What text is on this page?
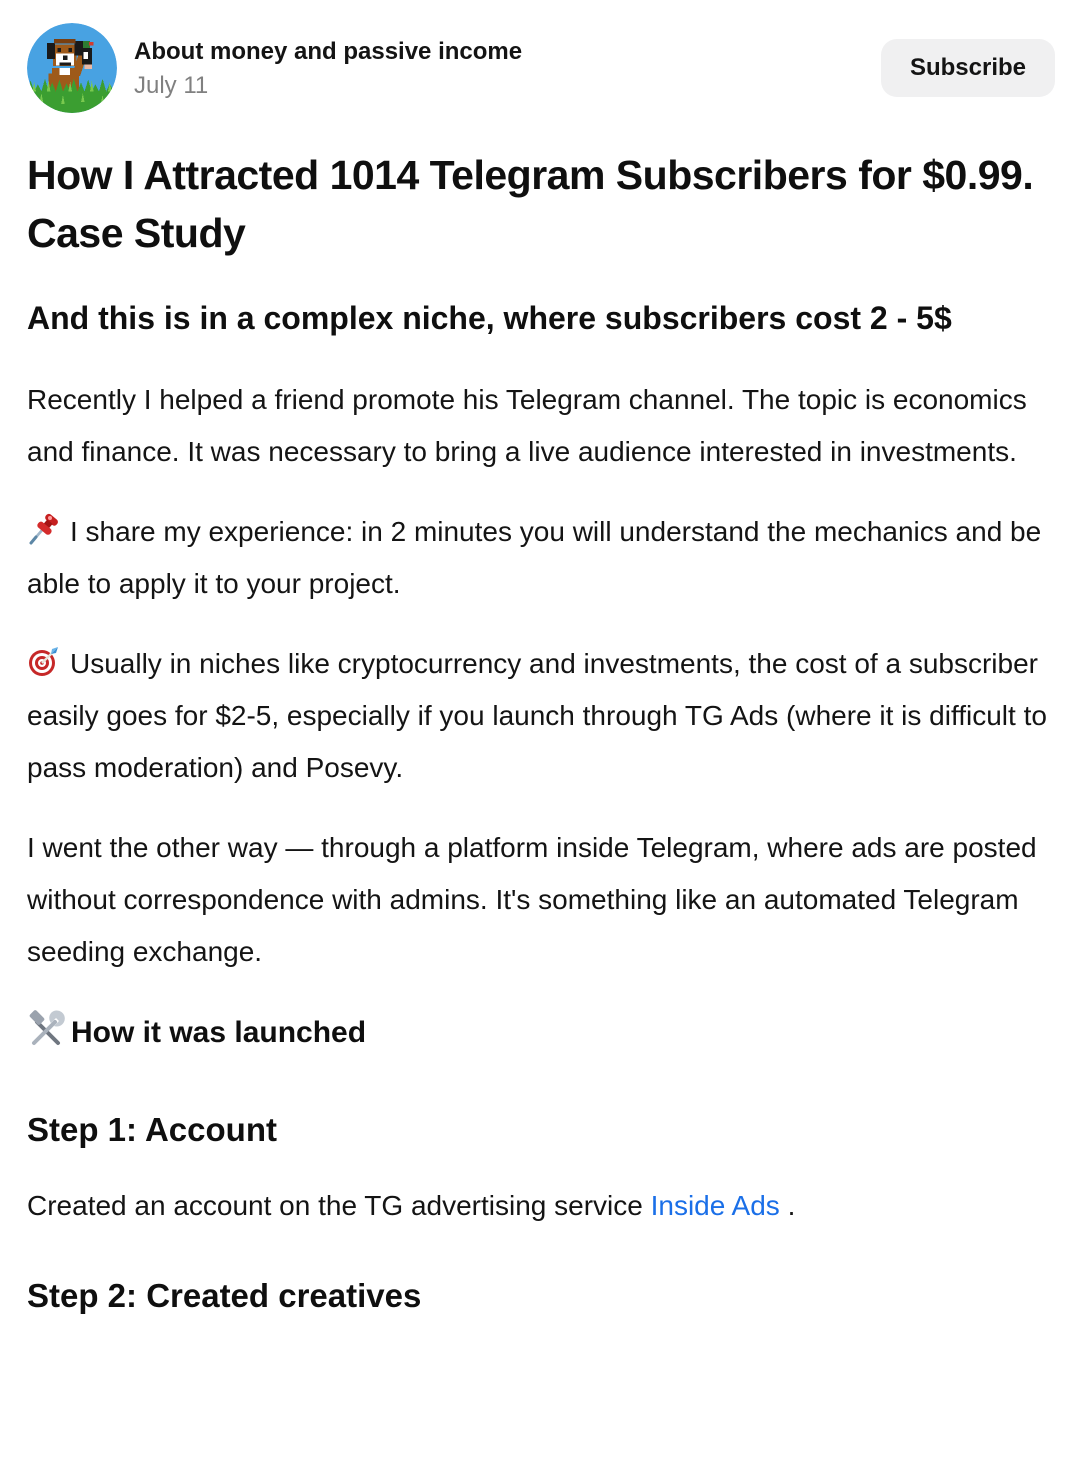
About money and passive income
July 11
Subscribe
How I Attracted 1014 Telegram Subscribers for $0.99. Case Study
And this is in a complex niche, where subscribers cost 2 - 5$

Recently I helped a friend promote his Telegram channel. The topic is economics and finance. It was necessary to bring a live audience interested in investments.

I share my experience: in 2 minutes you will understand the mechanics and be able to apply it to your project.

Usually in niches like cryptocurrency and investments, the cost of a subscriber easily goes for $2-5, especially if you launch through TG Ads (where it is difficult to pass moderation) and Posevy.

I went the other way — through a platform inside Telegram, where ads are posted without correspondence with admins. It's something like an automated Telegram seeding exchange.

How it was launched
Step 1: Account

Created an account on the TG advertising service Inside Ads .

Step 2: Created creatives
